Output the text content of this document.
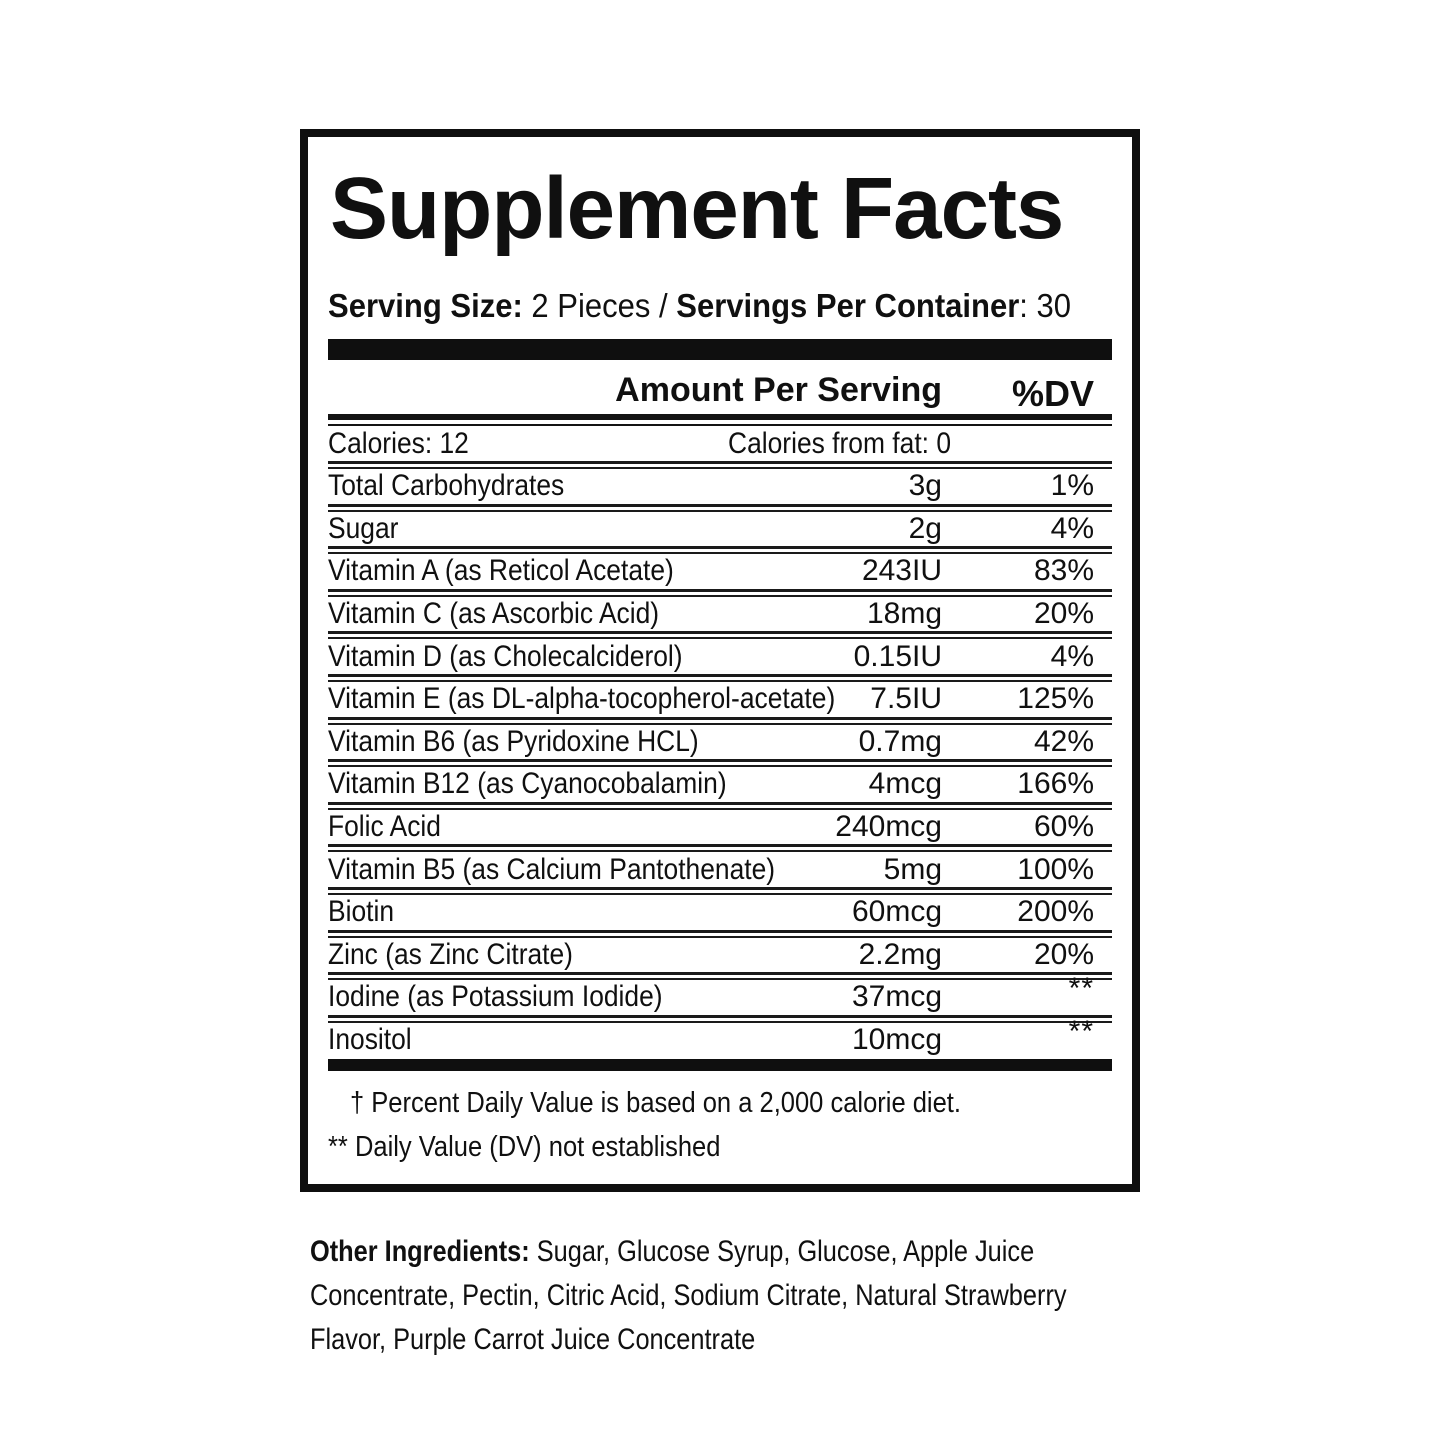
Supplement Facts
Serving Size: 2 Pieces / Servings Per Container: 30
Amount Per Serving	%DV
Calories: 12	Calories from fat: 0
Total Carbohydrates	3g	1%
Sugar	2g	4%
Vitamin A (as Reticol Acetate)	243IU	83%
Vitamin C (as Ascorbic Acid)	18mg	20%
Vitamin D (as Cholecalciderol)	0.15IU	4%
Vitamin E (as DL-alpha-tocopherol-acetate)	7.5IU	125%
Vitamin B6 (as Pyridoxine HCL)	0.7mg	42%
Vitamin B12 (as Cyanocobalamin)	4mcg	166%
Folic Acid	240mcg	60%
Vitamin B5 (as Calcium Pantothenate)	5mg	100%
Biotin	60mcg	200%
Zinc (as Zinc Citrate)	2.2mg	20%
Iodine (as Potassium Iodide)	37mcg	**
Inositol	10mcg	**
† Percent Daily Value is based on a 2,000 calorie diet.
** Daily Value (DV) not established

Other Ingredients: Sugar, Glucose Syrup, Glucose, Apple Juice Concentrate, Pectin, Citric Acid, Sodium Citrate, Natural Strawberry Flavor, Purple Carrot Juice Concentrate
